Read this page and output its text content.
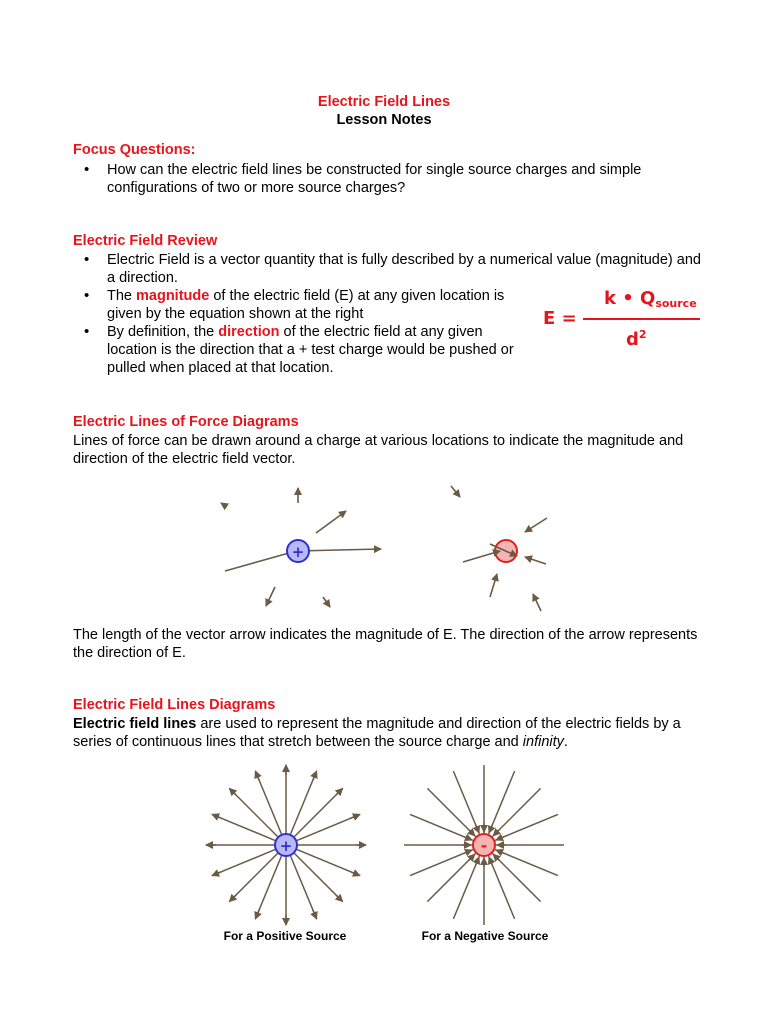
Electric Field Lines
Lesson Notes
Focus Questions:
• How can the electric field lines be constructed for single source charges and simple configurations of two or more source charges?
Electric Field Review
• Electric Field is a vector quantity that is fully described by a numerical value (magnitude) and a direction.
• The magnitude of the electric field (E) at any given location is given by the equation shown at the right
• By definition, the direction of the electric field at any given location is the direction that a + test charge would be pushed or pulled when placed at that location.
E =
k • Qsource
$d^2$
Electric Lines of Force Diagrams
Lines of force can be drawn around a charge at various locations to indicate the magnitude and direction of the electric field vector.
+
The length of the vector arrow indicates the magnitude of E. The direction of the arrow represents the direction of E.
Electric Field Lines Diagrams
Electric field lines are used to represent the magnitude and direction of the electric fields by a series of continuous lines that stretch between the source charge and infinity.
+	-
For a Positive Source	For a Negative Source
